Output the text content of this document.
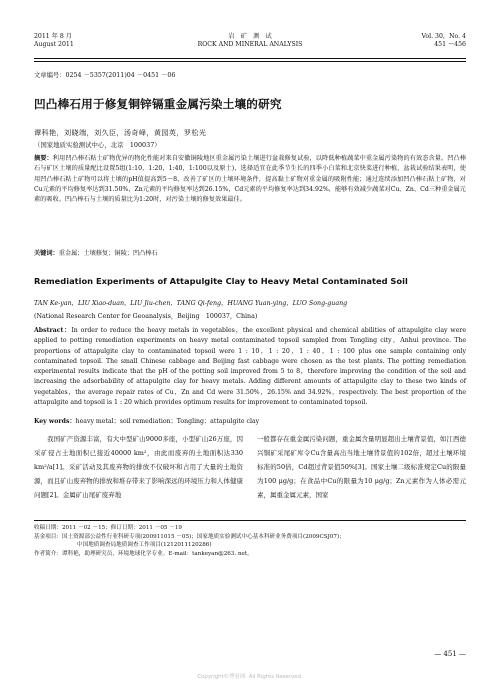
2011 年 8 月
August 2011
岩　矿　测　试
ROCK AND MINERAL ANALYSIS
Vol. 30，No. 4
451 ～456
文章编号：0254 －5357(2011)04 －0451 －06
凹凸棒石用于修复铜锌镉重金属污染土壤的研究
谭科艳，刘晓端，刘久臣，汤奇峰，黄园英，罗松光
（国家地质实验测试中心，北京　100037）
摘要：利用凹凸棒石粘土矿物优异的物化性能对来自安徽铜陵地区重金属污染土壤进行盆栽修复试验，以降低种植蔬菜中重金属污染物的有效态含量。凹凸棒石与矿区土壤的质量配比设置5组(1:10，1:20，1:40，1:100以及原土)，选择适宜在此季节生长的四季小白菜和北京快菜进行种植，盆栽试验结果表明，使用凹凸棒石粘土矿物可以将土壤的pH值提高到5～8，改善了矿区的土壤环境条件，提高黏土矿物对重金属的吸附性能；通过连续添加凹凸棒石粘土矿物，对Cu元素的平均修复率达到31.50%，Zn元素的平均修复率达到26.15%，Cd元素的平均修复率达到34.92%，能够有效减少蔬菜对Cu、Zn、Cd三种重金属元素的吸收。凹凸棒石与土壤的质量比为1:20时，对污染土壤的修复效果最佳。
关键词：重金属；土壤修复；铜陵；凹凸棒石
Remediation Experiments of Attapulgite Clay to Heavy Metal Contaminated Soil
TAN Ke-yan，LIU Xiao-duan，LIU Jiu-chen，TANG Qi-feng，HUANG Yuan-ying，LUO Song-guang
(National Research Center for Geoanalysis，Beijing　100037，China)
Abstract：In order to reduce the heavy metals in vegetables，the excellent physical and chemical abilities of attapulgite clay were applied to potting remediation experiments on heavy metal contaminated topsoil sampled from Tongling city，Anhui province. The proportions of attapulgite clay to contaminated topsoil were 1 : 10，1 : 20，1 : 40，1 : 100 plus one sample containing only contaminated topsoil. The small Chinese cabbage and Beijing fast cabbage were chosen as the test plants. The potting remediation experimental results indicate that the pH of the potting soil improved from 5 to 8，therefore improving the condition of the soil and increasing the adsorbability of attapulgite clay for heavy metals. Adding different amounts of attapulgite clay to these two kinds of vegetables，the average repair rates of Cu，Zn and Cd were 31.50%，26.15% and 34.92%，respectively. The best proportion of the attapulgite and topsoil is 1 : 20 which provides optimum results for improvement to contaminated topsoil.
Key words：heavy metal；soil remediation；Tongling；attapulgite clay
我国矿产资源丰富，有大中型矿山9000多座，小型矿山26万座，因采矿侵占土地面积已接近40000 km²，由此而废弃的土地面积达330 km²/a[1]。采矿活动及其废弃物的排放不仅破坏和占用了大量的土地资源，而且矿山废弃物的排放和堆存带来了影响深远的环境压力和人体健康问题[2]。金属矿山尾矿废弃地
一般都存在重金属污染问题，重金属含量明显超出土壤背景值，如江西德兴铜矿采尾矿库令Cu含量高出当地土壤背景值的102倍，超过土壤环境标准的50倍，Cd超过背景值50%[3]。国家土壤二级标准规定Cu的限量为100 μg/g；在食品中Cu的限量为10 μg/g；Zn元素作为人体必需元素，属重金属元素，国家
收稿日期：2011 －02 －15；修订日期：2011 －05 －19
基金项目：国土资源部公益性行业科研专项(200911015 －05)；国家地质实验测试中心基本科研业务费项目(2009CSJ07)；
中国地质调查局地质调查工作项目(1212011120286)
作者简介：谭科艳，助理研究员，环境地球化学专业。E-mail：tankeyan@263. net。
— 451 —
Copyright©博看网. All Rights Reserved.
